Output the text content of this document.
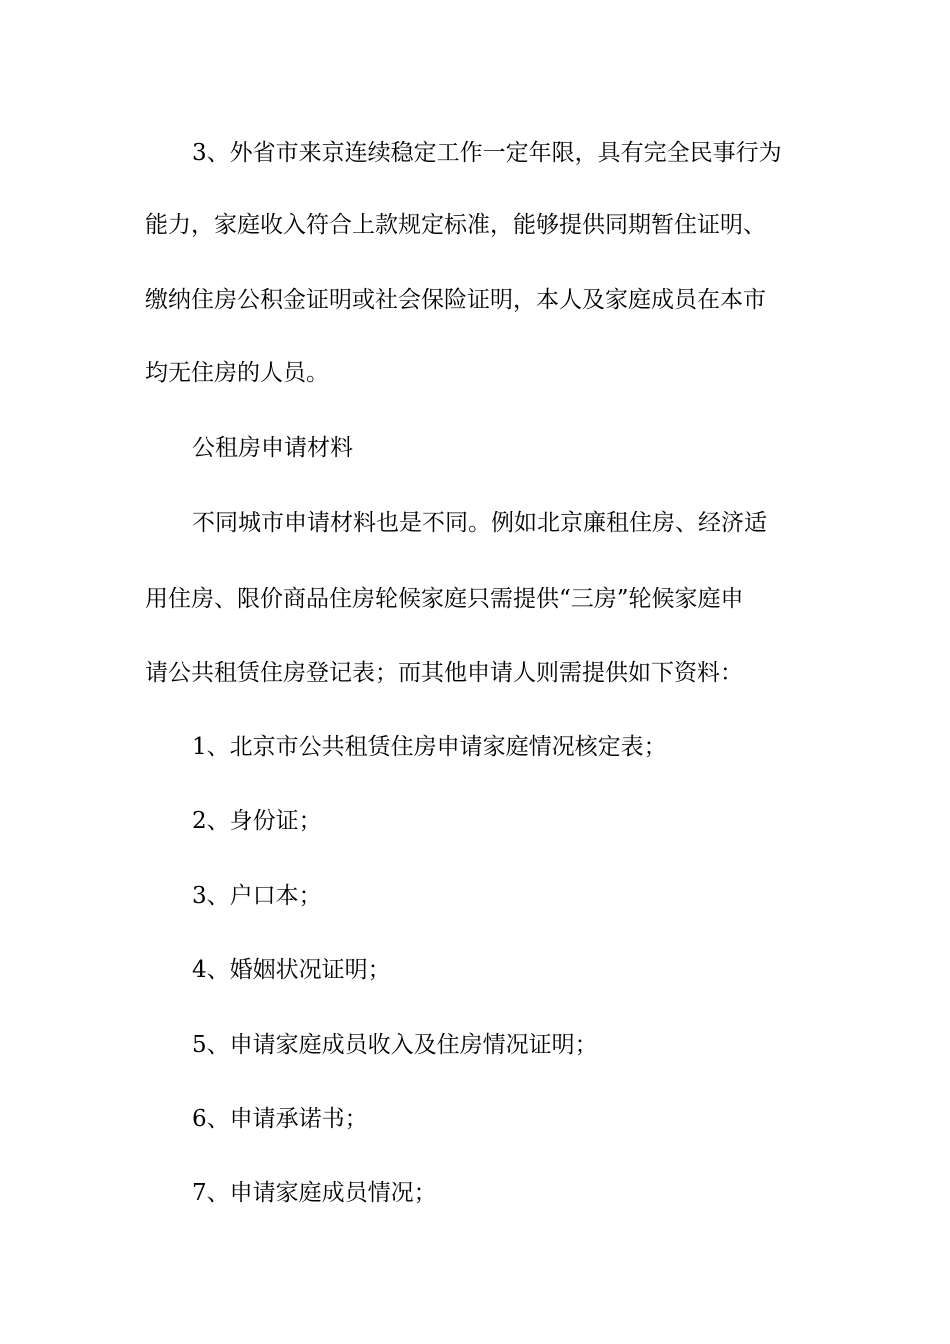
3、外省市来京连续稳定工作一定年限，具有完全民事行为
能力，家庭收入符合上款规定标准，能够提供同期暂住证明、
缴纳住房公积金证明或社会保险证明，本人及家庭成员在本市
均无住房的人员。
公租房申请材料
不同城市申请材料也是不同。例如北京廉租住房、经济适
用住房、限价商品住房轮候家庭只需提供“三房”轮候家庭申
请公共租赁住房登记表；而其他申请人则需提供如下资料：
1、北京市公共租赁住房申请家庭情况核定表；
2、身份证；
3、户口本；
4、婚姻状况证明；
5、申请家庭成员收入及住房情况证明；
6、申请承诺书；
7、申请家庭成员情况；
